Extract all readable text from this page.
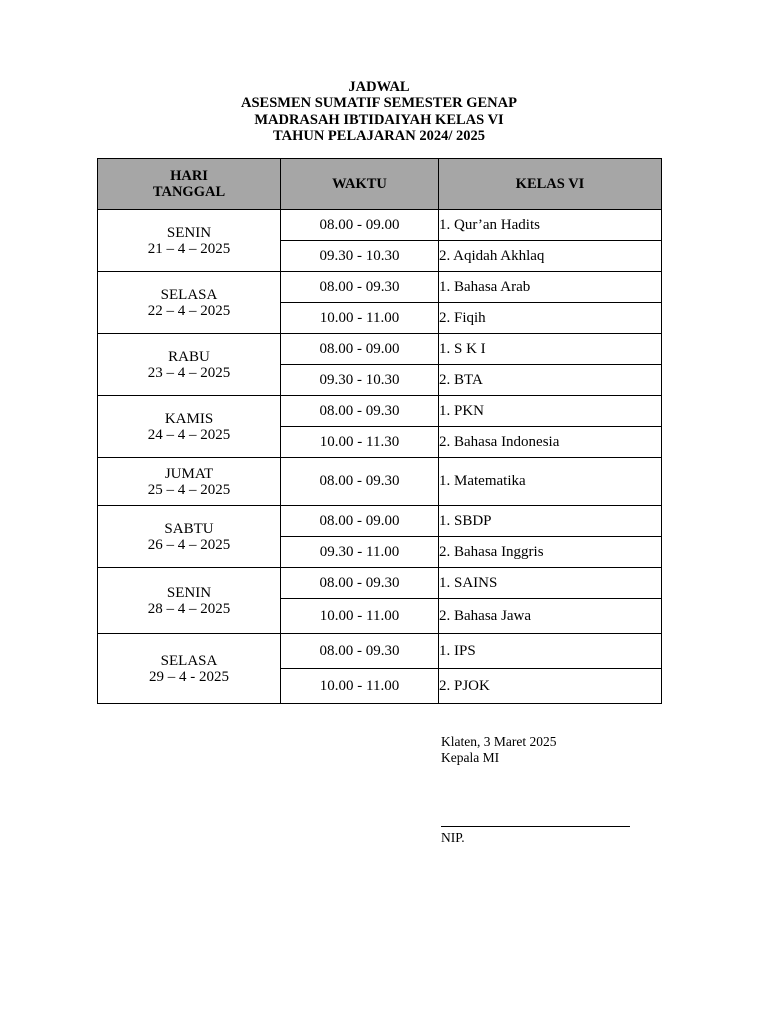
JADWAL
ASESMEN SUMATIF SEMESTER GENAP
MADRASAH IBTIDAIYAH KELAS VI
TAHUN PELAJARAN 2024/ 2025
HARI
TANGGAL	WAKTU	KELAS VI

SENIN
21 – 4 – 2025	08.00 - 09.00	1. Qur’an Hadits
	09.30 - 10.30	2. Aqidah Akhlaq

SELASA
22 – 4 – 2025	08.00 - 09.30	1. Bahasa Arab
	10.00 - 11.00	2. Fiqih

RABU
23 – 4 – 2025	08.00 - 09.00	1. S K I
	09.30 - 10.30	2. BTA

KAMIS
24 – 4 – 2025	08.00 - 09.30	1. PKN
	10.00 - 11.30	2. Bahasa Indonesia

JUMAT
25 – 4 – 2025	08.00 - 09.30	1. Matematika

SABTU
26 – 4 – 2025	08.00 - 09.00	1. SBDP
	09.30 - 11.00	2. Bahasa Inggris

SENIN
28 – 4 – 2025	08.00 - 09.30	1. SAINS
	10.00 - 11.00	2. Bahasa Jawa

SELASA
29 – 4 - 2025	08.00 - 09.30	1. IPS
	10.00 - 11.00	2. PJOK
Klaten, 3 Maret 2025
Kepala MI
NIP.
